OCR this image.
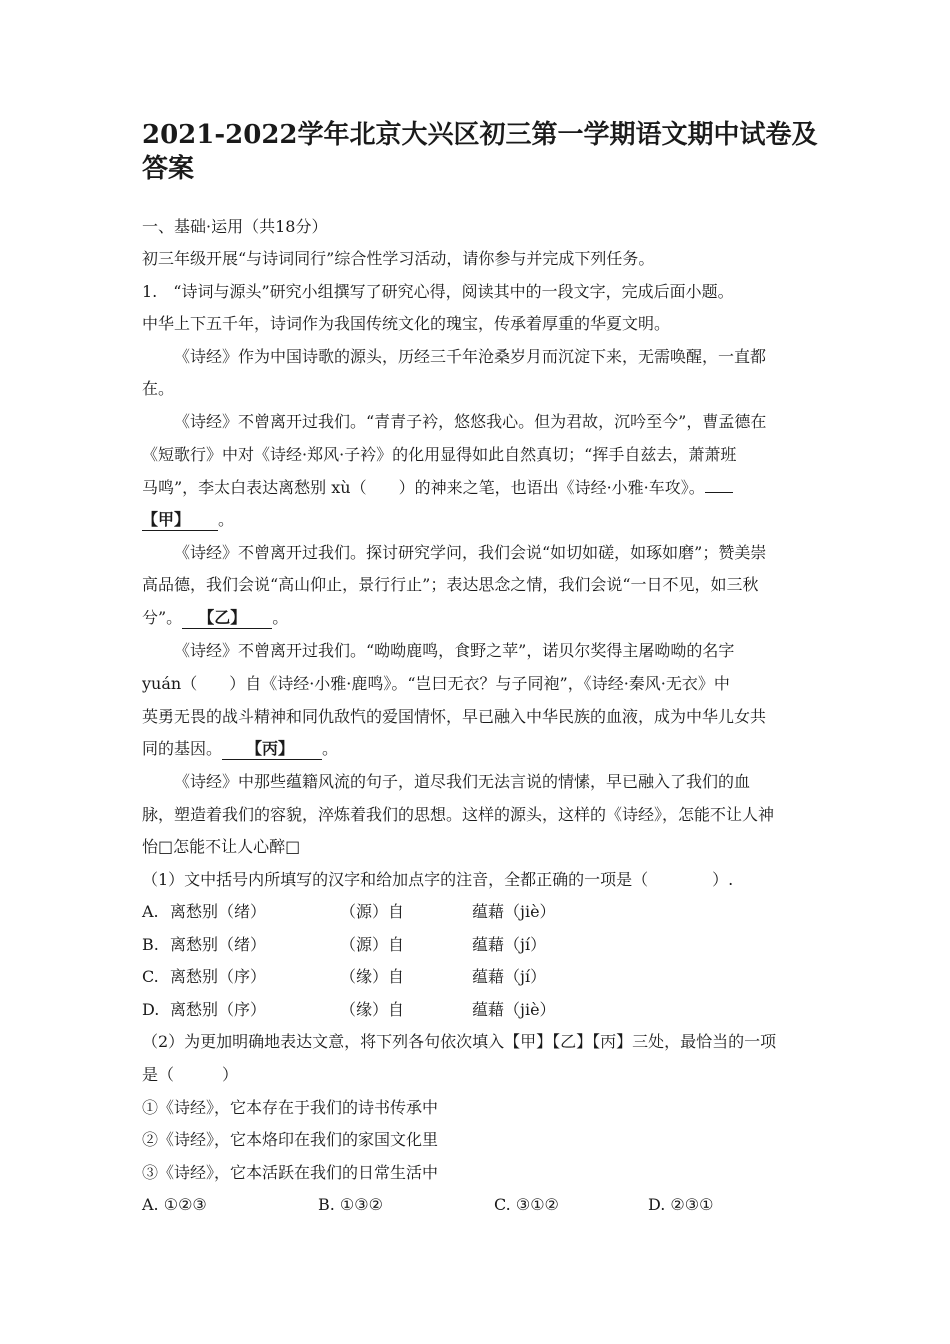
2021-2022学年北京大兴区初三第一学期语文期中试卷及答案
一、基础·运用（共18分）
初三年级开展“与诗词同行”综合性学习活动，请你参与并完成下列任务。
1.　“诗词与源头”研究小组撰写了研究心得，阅读其中的一段文字，完成后面小题。
中华上下五千年，诗词作为我国传统文化的瑰宝，传承着厚重的华夏文明。
《诗经》作为中国诗歌的源头，历经三千年沧桑岁月而沉淀下来，无需唤醒，一直都
在。
《诗经》不曾离开过我们。“青青子衿，悠悠我心。但为君故，沉吟至今”，曹孟德在
《短歌行》中对《诗经·郑风·子衿》的化用显得如此自然真切；“挥手自兹去，萧萧班
马鸣”，李太白表达离愁别 xù（　　）的神来之笔，也语出《诗经·小雅·车攻》。
【甲】 。
《诗经》不曾离开过我们。探讨研究学问，我们会说“如切如磋，如琢如磨”；赞美崇
高品德，我们会说“高山仰止，景行行止”；表达思念之情，我们会说“一日不见，如三秋
兮”。 【乙】 。
《诗经》不曾离开过我们。“呦呦鹿鸣，食野之苹”，诺贝尔奖得主屠呦呦的名字
yuán（　　）自《诗经·小雅·鹿鸣》。“岂曰无衣？与子同袍”，《诗经·秦风·无衣》中
英勇无畏的战斗精神和同仇敌忾的爱国情怀，早已融入中华民族的血液，成为中华儿女共
同的基因。 【丙】 。
《诗经》中那些蕴籍风流的句子，道尽我们无法言说的情愫，早已融入了我们的血
脉，塑造着我们的容貌，淬炼着我们的思想。这样的源头，这样的《诗经》，怎能不让人神
怡□怎能不让人心醉□
（1）文中括号内所填写的汉字和给加点字的注音，全都正确的一项是（　　　　）.
A. 离愁别（绪）	（源）自	蕴藉（jiè）
B. 离愁别（绪）	（源）自	蕴藉（jí）
C. 离愁别（序）	（缘）自	蕴藉（jí）
D. 离愁别（序）	（缘）自	蕴藉（jiè）
（2）为更加明确地表达文意，将下列各句依次填入【甲】【乙】【丙】三处，最恰当的一项
是（　　　）
①《诗经》，它本存在于我们的诗书传承中
②《诗经》，它本烙印在我们的家国文化里
③《诗经》，它本活跃在我们的日常生活中
A. ①②③	B. ①③②	C. ③①②	D. ②③①
